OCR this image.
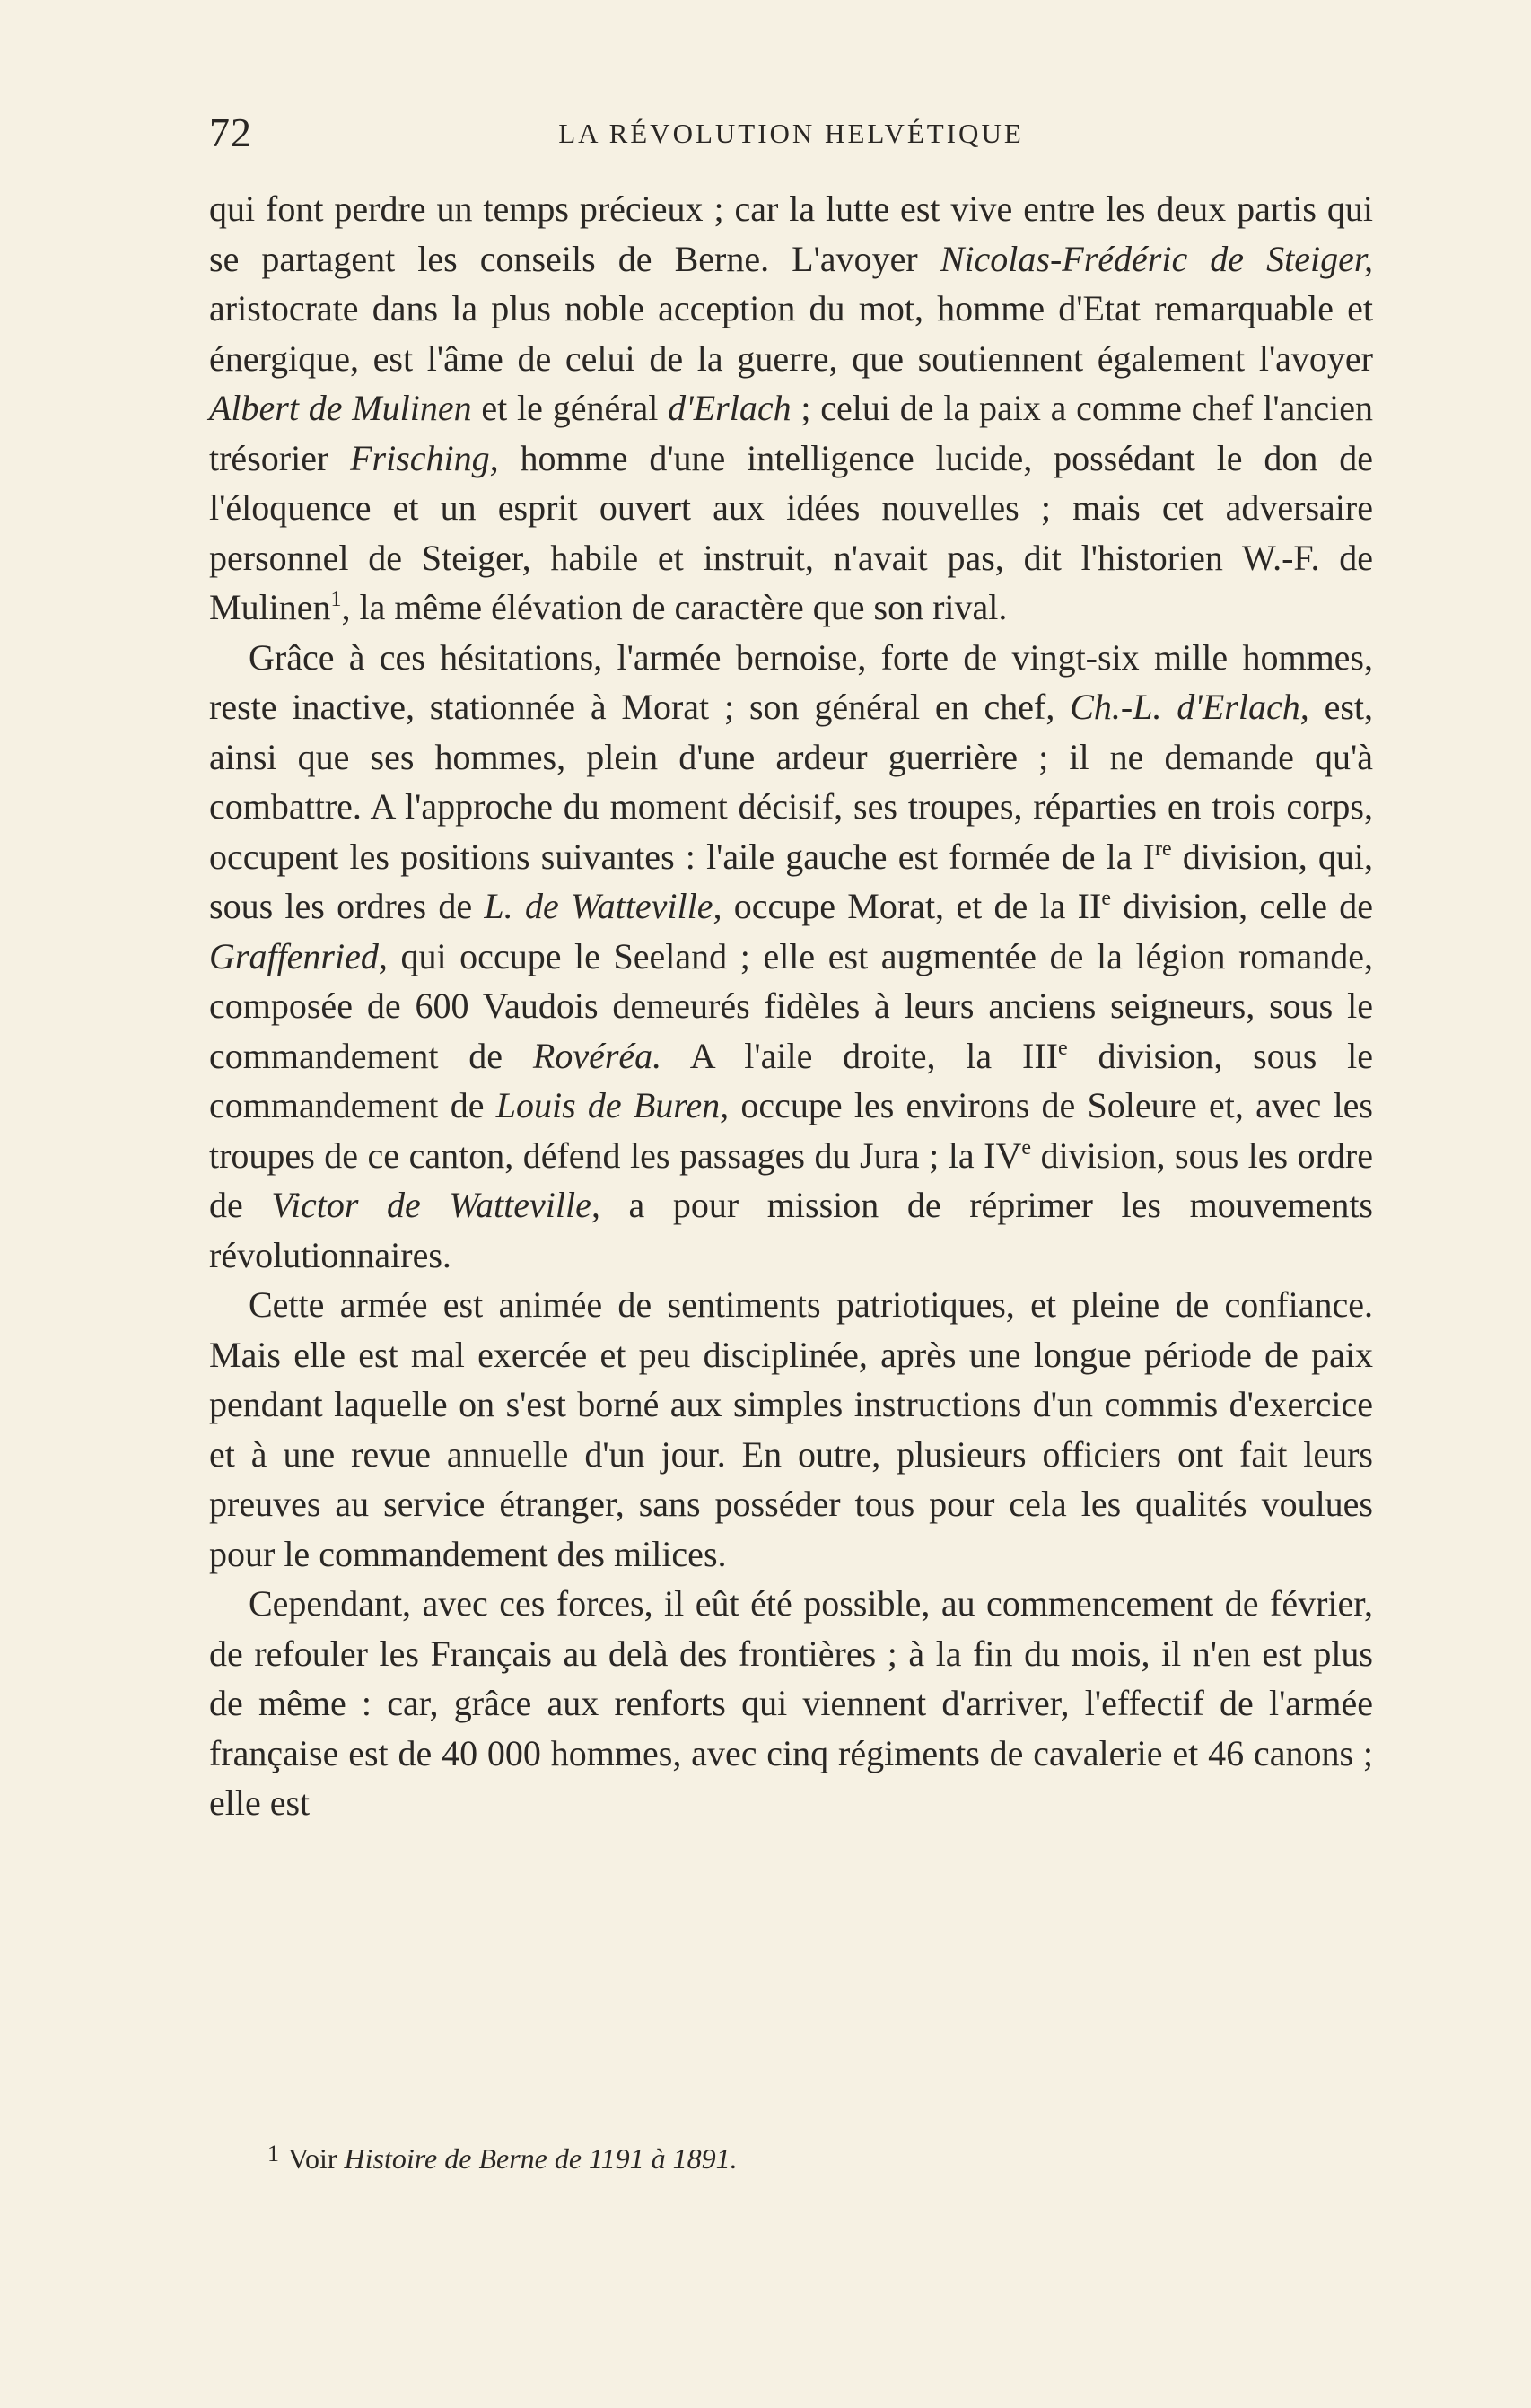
72	LA RÉVOLUTION HELVÉTIQUE

qui font perdre un temps précieux ; car la lutte est vive entre les deux partis qui se partagent les conseils de Berne. L'avoyer Nicolas-Frédéric de Steiger, aristocrate dans la plus noble acception du mot, homme d'Etat remarquable et énergique, est l'âme de celui de la guerre, que soutiennent également l'avoyer Albert de Mulinen et le général d'Erlach ; celui de la paix a comme chef l'ancien trésorier Frisching, homme d'une intelligence lucide, possédant le don de l'éloquence et un esprit ouvert aux idées nouvelles ; mais cet adversaire personnel de Steiger, habile et instruit, n'avait pas, dit l'historien W.-F. de Mulinen$^1$, la même élévation de caractère que son rival.

Grâce à ces hésitations, l'armée bernoise, forte de vingt-six mille hommes, reste inactive, stationnée à Morat ; son général en chef, Ch.-L. d'Erlach, est, ainsi que ses hommes, plein d'une ardeur guerrière ; il ne demande qu'à combattre. A l'approche du moment décisif, ses troupes, réparties en trois corps, occupent les positions suivantes : l'aile gauche est formée de la Ire division, qui, sous les ordres de L. de Watteville, occupe Morat, et de la IIe division, celle de Graffenried, qui occupe le Seeland ; elle est augmentée de la légion romande, composée de 600 Vaudois demeurés fidèles à leurs anciens seigneurs, sous le commandement de Rovéréa. A l'aile droite, la IIIe division, sous le commandement de Louis de Buren, occupe les environs de Soleure et, avec les troupes de ce canton, défend les passages du Jura ; la IVe division, sous les ordre de Victor de Watteville, a pour mission de réprimer les mouvements révolutionnaires.

Cette armée est animée de sentiments patriotiques, et pleine de confiance. Mais elle est mal exercée et peu disciplinée, après une longue période de paix pendant laquelle on s'est borné aux simples instructions d'un commis d'exercice et à une revue annuelle d'un jour. En outre, plusieurs officiers ont fait leurs preuves au service étranger, sans posséder tous pour cela les qualités voulues pour le commandement des milices.

Cependant, avec ces forces, il eût été possible, au commencement de février, de refouler les Français au delà des frontières ; à la fin du mois, il n'en est plus de même : car, grâce aux renforts qui viennent d'arriver, l'effectif de l'armée française est de 40 000 hommes, avec cinq régiments de cavalerie et 46 canons ; elle est

$^1$ Voir Histoire de Berne de 1191 à 1891.
